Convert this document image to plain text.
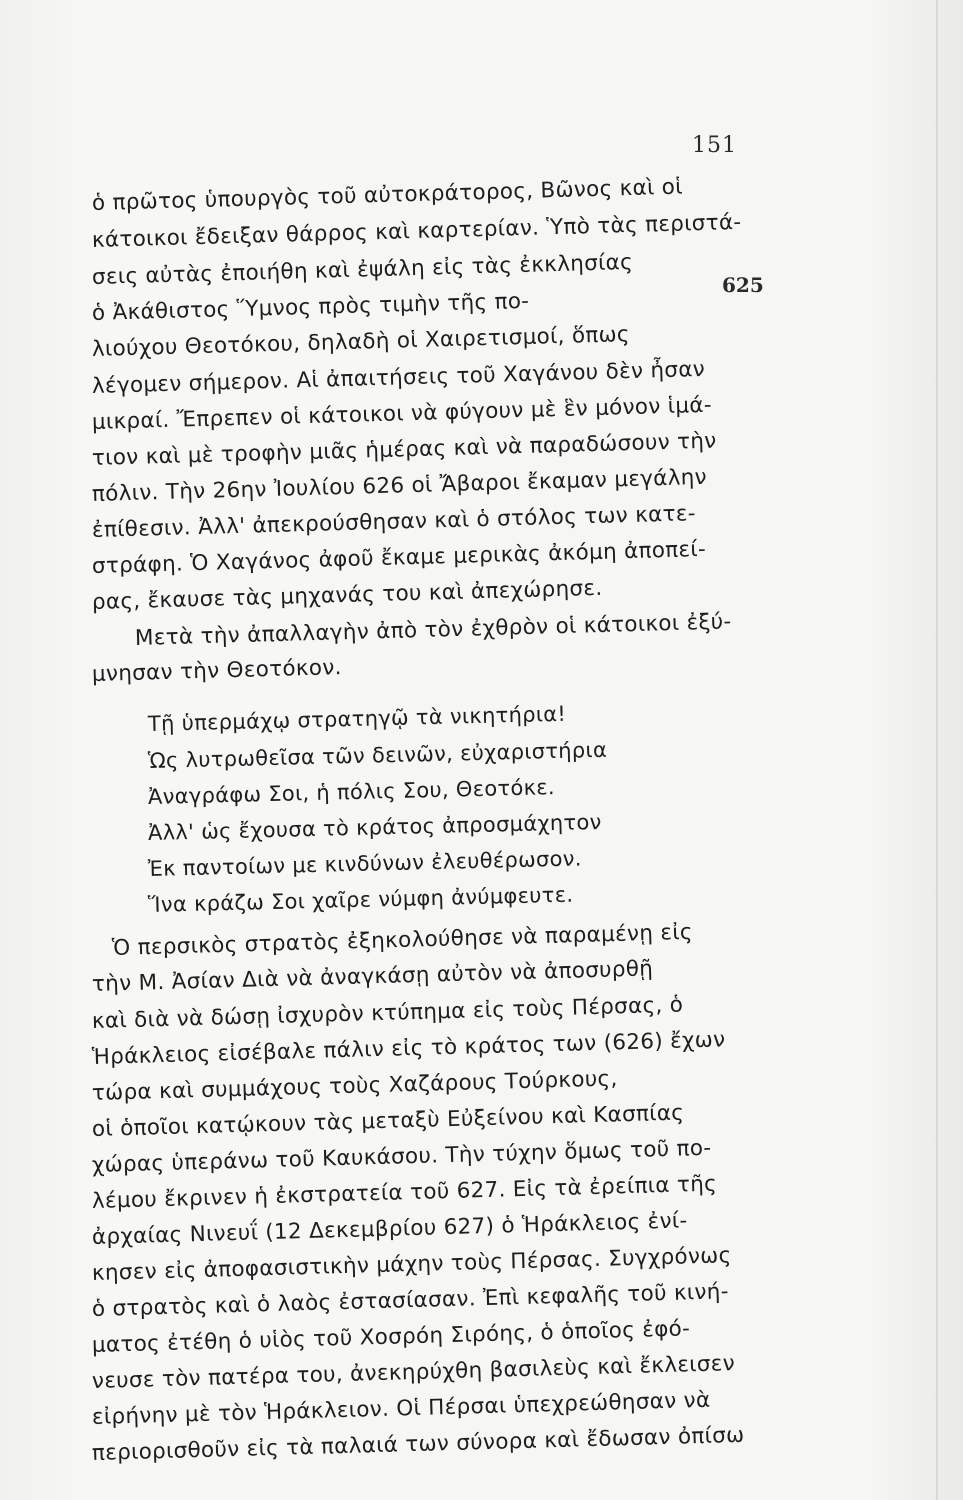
151
625
ὁ πρῶτος ὑπουργὸς τοῦ αὐτοκράτορος, Βῶνος καὶ οἱ
κάτοικοι ἔδειξαν θάρρος καὶ καρτερίαν. Ὑπὸ τὰς περιστά-
σεις αὐτὰς ἐποιήθη καὶ ἐψάλη εἰς τὰς ἐκκλησίας
ὁ Ἀκάθιστος Ὕμνος πρὸς τιμὴν τῆς πο-
λιούχου Θεοτόκου, δηλαδὴ οἱ Χαιρετισμοί, ὅπως
λέγομεν σήμερον. Αἱ ἀπαιτήσεις τοῦ Χαγάνου δὲν ἦσαν
μικραί. Ἔπρεπεν οἱ κάτοικοι νὰ φύγουν μὲ ἓν μόνον ἱμά-
τιον καὶ μὲ τροφὴν μιᾶς ἡμέρας καὶ νὰ παραδώσουν τὴν
πόλιν. Τὴν 26ην Ἰουλίου 626 οἱ Ἄβαροι ἔκαμαν μεγάλην
ἐπίθεσιν. Ἀλλ' ἀπεκρούσθησαν καὶ ὁ στόλος των κατε-
στράφη. Ὁ Χαγάνος ἀφοῦ ἔκαμε μερικὰς ἀκόμη ἀποπεί-
ρας, ἔκαυσε τὰς μηχανάς του καὶ ἀπεχώρησε.
Μετὰ τὴν ἀπαλλαγὴν ἀπὸ τὸν ἐχθρὸν οἱ κάτοικοι ἐξύ-
μνησαν τὴν Θεοτόκον.
Τῇ ὑπερμάχῳ στρατηγῷ τὰ νικητήρια!
Ὡς λυτρωθεῖσα τῶν δεινῶν, εὐχαριστήρια
Ἀναγράφω Σοι, ἡ πόλις Σου, Θεοτόκε.
Ἀλλ' ὡς ἔχουσα τὸ κράτος ἀπροσμάχητον
Ἐκ παντοίων με κινδύνων ἐλευθέρωσον.
Ἵνα κράζω Σοι χαῖρε νύμφη ἀνύμφευτε.
Ὁ περσικὸς στρατὸς ἐξηκολούθησε νὰ παραμένῃ εἰς
τὴν Μ. Ἀσίαν Διὰ νὰ ἀναγκάσῃ αὐτὸν νὰ ἀποσυρθῇ
καὶ διὰ νὰ δώσῃ ἰσχυρὸν κτύπημα εἰς τοὺς Πέρσας, ὁ
Ἡράκλειος εἰσέβαλε πάλιν εἰς τὸ κράτος των (626) ἔχων
τώρα καὶ συμμάχους τοὺς Χαζάρους Τούρκους,
οἱ ὁποῖοι κατῴκουν τὰς μεταξὺ Εὐξείνου καὶ Κασπίας
χώρας ὑπεράνω τοῦ Καυκάσου. Τὴν τύχην ὅμως τοῦ πο-
λέμου ἔκρινεν ἡ ἐκστρατεία τοῦ 627. Εἰς τὰ ἐρείπια τῆς
ἀρχαίας Νινευΐ (12 Δεκεμβρίου 627) ὁ Ἡράκλειος ἐνί-
κησεν εἰς ἀποφασιστικὴν μάχην τοὺς Πέρσας. Συγχρόνως
ὁ στρατὸς καὶ ὁ λαὸς ἐστασίασαν. Ἐπὶ κεφαλῆς τοῦ κινή-
ματος ἐτέθη ὁ υἱὸς τοῦ Χοσρόη Σιρόης, ὁ ὁποῖος ἐφό-
νευσε τὸν πατέρα του, ἀνεκηρύχθη βασιλεὺς καὶ ἔκλεισεν
εἰρήνην μὲ τὸν Ἡράκλειον. Οἱ Πέρσαι ὑπεχρεώθησαν νὰ
περιορισθοῦν εἰς τὰ παλαιά των σύνορα καὶ ἔδωσαν ὀπίσω
